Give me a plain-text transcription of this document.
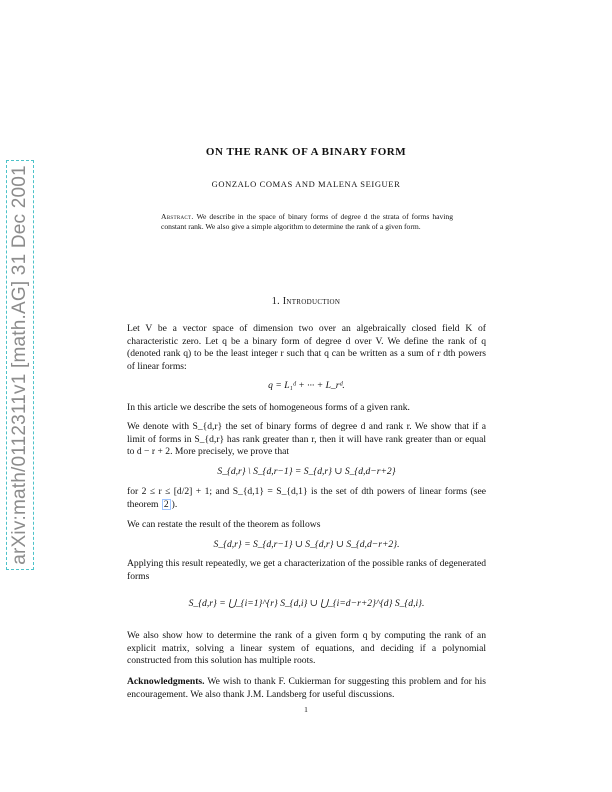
arXiv:math/0112311v1 [math.AG] 31 Dec 2001
ON THE RANK OF A BINARY FORM
GONZALO COMAS AND MALENA SEIGUER
Abstract. We describe in the space of binary forms of degree d the strata of forms having constant rank. We also give a simple algorithm to determine the rank of a given form.
1. Introduction
Let V be a vector space of dimension two over an algebraically closed field K of characteristic zero. Let q be a binary form of degree d over V. We define the rank of q (denoted rank q) to be the least integer r such that q can be written as a sum of r dth powers of linear forms:
q = L₁ᵈ + ··· + L_rᵈ.
In this article we describe the sets of homogeneous forms of a given rank.
We denote with S_{d,r} the set of binary forms of degree d and rank r. We show that if a limit of forms in S_{d,r} has rank greater than r, then it will have rank greater than or equal to d − r + 2. More precisely, we prove that
S_{d,r} \ S_{d,r−1} = S_{d,r} ∪ S_{d,d−r+2}
for 2 ≤ r ≤ [d/2] + 1; and S_{d,1} = S_{d,1} is the set of dth powers of linear forms (see theorem 2 ).
We can restate the result of the theorem as follows
S_{d,r} = S_{d,r−1} ∪ S_{d,r} ∪ S_{d,d−r+2}.
Applying this result repeatedly, we get a characterization of the possible ranks of degenerated forms
S_{d,r} = ⋃_{i=1}^{r} S_{d,i} ∪ ⋃_{i=d−r+2}^{d} S_{d,i}.
We also show how to determine the rank of a given form q by computing the rank of an explicit matrix, solving a linear system of equations, and deciding if a polynomial constructed from this solution has multiple roots.
Acknowledgments. We wish to thank F. Cukierman for suggesting this problem and for his encouragement. We also thank J.M. Landsberg for useful discussions.
1
